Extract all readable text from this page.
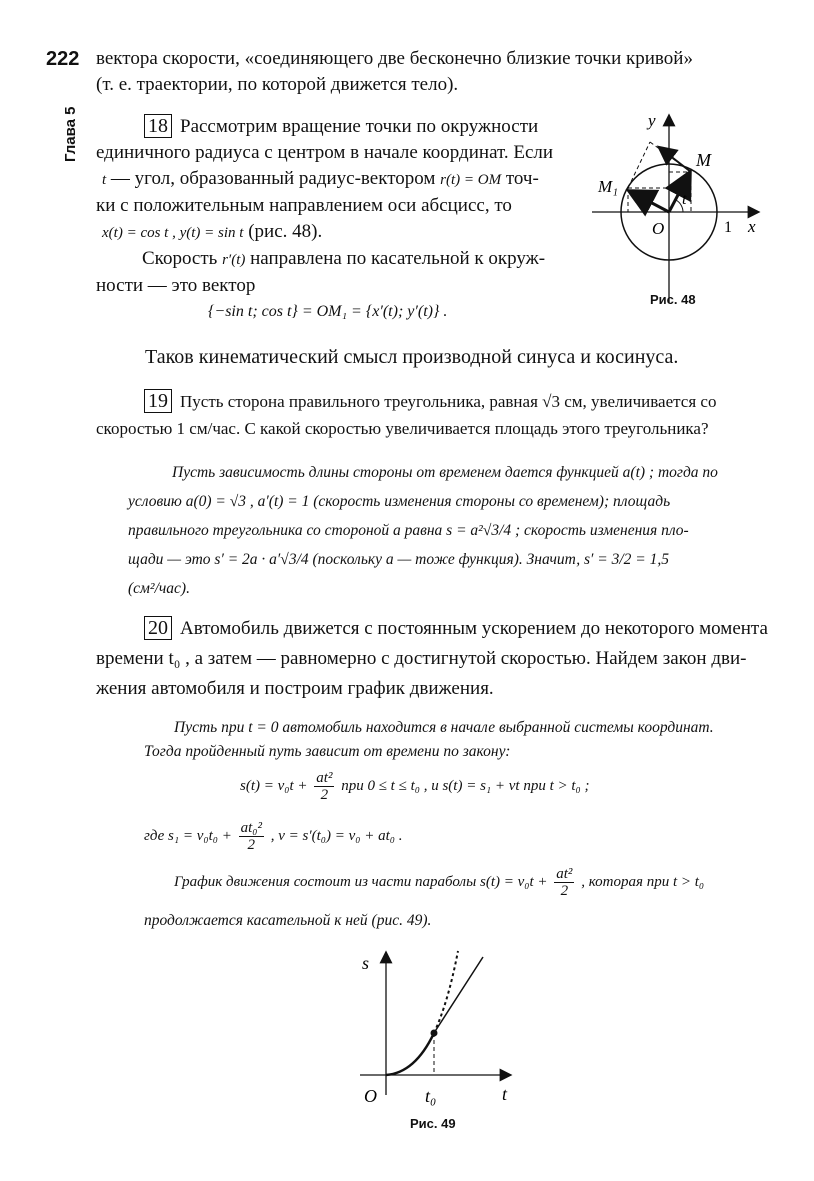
222
Глава 5
вектора скорости, «соединяющего две бесконечно близкие точки кривой»
(т. е. траектории, по которой движется тело).
18 Рассмотрим вращение точки по окружности
единичного радиуса с центром в начале координат. Если
t — угол, образованный радиус-вектором r(t) = OM точ-
ки с положительным направлением оси абсцисс, то
x(t) = cos t , y(t) = sin t (рис. 48).
Скорость r′(t) направлена по касательной к окруж-
ности — это вектор
{−sin t; cos t} = OM₁ = {x′(t); y′(t)} .
y
x
O	1
M
M₁
t
Рис. 48
Таков кинематический смысл производной синуса и косинуса.
19 Пусть сторона правильного треугольника, равная √3 см, увеличивается со
скоростью 1 см/час. С какой скоростью увеличивается площадь этого треугольника?
Пусть зависимость длины стороны от временем дается функцией a(t) ; тогда по
условию a(0) = √3 , a′(t) = 1 (скорость изменения стороны со временем); площадь
правильного треугольника со стороной a равна s = a²√3/4 ; скорость изменения пло-
щади — это s′ = 2a · a′√3/4 (поскольку a — тоже функция). Значит, s′ = 3/2 = 1,5
(см²/час).
20 Автомобиль движется с постоянным ускорением до некоторого момента
времени t₀ , а затем — равномерно с достигнутой скоростью. Найдем закон дви-
жения автомобиля и построим график движения.
Пусть при t = 0 автомобиль находится в начале выбранной системы координат.
Тогда пройденный путь зависит от времени по закону:
$s(t) = v_0t + \frac{\text{at²}}{2}$ при 0 ≤ t ≤ t₀ , и s(t) = s₁ + vt при t > t₀ ;
где $s_1 = v_0t_0 + \frac{\text{at₀²}}{2}$ , v = s′(t₀) = v₀ + at₀ .
График движения состоит из части параболы $s(t) = v_0t + \frac{\text{at²}}{2}$ , которая при t > t₀
продолжается касательной к ней (рис. 49).
s
t
O	t₀
Рис. 49
